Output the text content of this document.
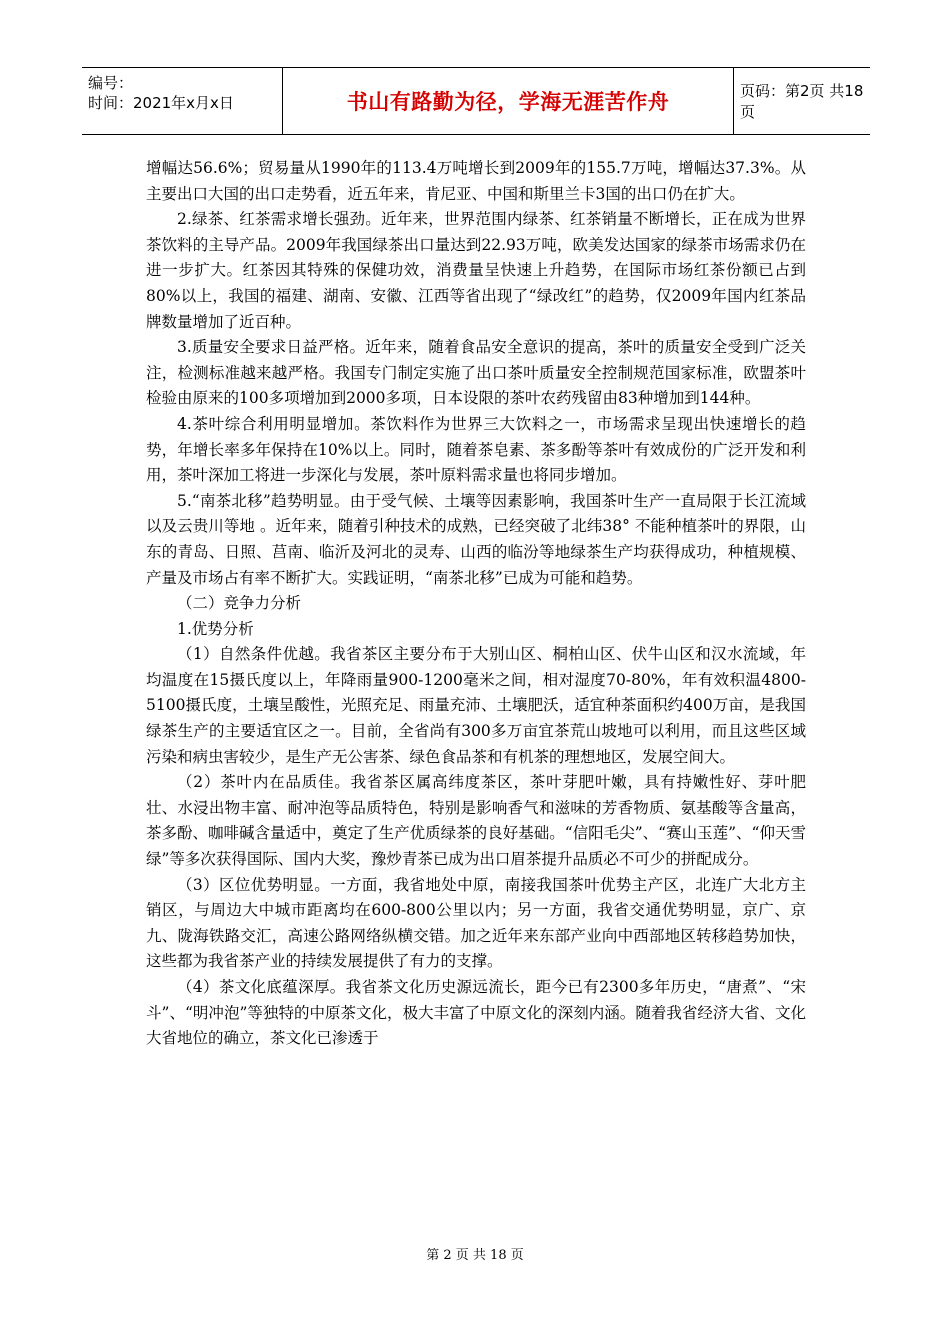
编号：
时间：2021年x月x日	书山有路勤为径，学海无涯苦作舟	页码：第2页 共18页

增幅达56.6%；贸易量从1990年的113.4万吨增长到2009年的155.7万吨，增幅达37.3%。从主要出口大国的出口走势看，近五年来，肯尼亚、中国和斯里兰卡3国的出口仍在扩大。

2.绿茶、红茶需求增长强劲。近年来，世界范围内绿茶、红茶销量不断增长，正在成为世界茶饮料的主导产品。2009年我国绿茶出口量达到22.93万吨，欧美发达国家的绿茶市场需求仍在进一步扩大。红茶因其特殊的保健功效，消费量呈快速上升趋势，在国际市场红茶份额已占到80%以上，我国的福建、湖南、安徽、江西等省出现了“绿改红”的趋势，仅2009年国内红茶品牌数量增加了近百种。

3.质量安全要求日益严格。近年来，随着食品安全意识的提高，茶叶的质量安全受到广泛关注，检测标准越来越严格。我国专门制定实施了出口茶叶质量安全控制规范国家标准，欧盟茶叶检验由原来的100多项增加到2000多项，日本设限的茶叶农药残留由83种增加到144种。

4.茶叶综合利用明显增加。茶饮料作为世界三大饮料之一，市场需求呈现出快速增长的趋势，年增长率多年保持在10%以上。同时，随着茶皂素、茶多酚等茶叶有效成份的广泛开发和利用，茶叶深加工将进一步深化与发展，茶叶原料需求量也将同步增加。

5.“南茶北移”趋势明显。由于受气候、土壤等因素影响，我国茶叶生产一直局限于长江流域以及云贵川等地 。近年来，随着引种技术的成熟，已经突破了北纬38° 不能种植茶叶的界限，山东的青岛、日照、莒南、临沂及河北的灵寿、山西的临汾等地绿茶生产均获得成功，种植规模、产量及市场占有率不断扩大。实践证明，“南茶北移”已成为可能和趋势。

（二）竞争力分析

1.优势分析

（1）自然条件优越。我省茶区主要分布于大别山区、桐柏山区、伏牛山区和汉水流域，年均温度在15摄氏度以上，年降雨量900-1200毫米之间，相对湿度70-80%，年有效积温4800-5100摄氏度，土壤呈酸性，光照充足、雨量充沛、土壤肥沃，适宜种茶面积约400万亩，是我国绿茶生产的主要适宜区之一。目前，全省尚有300多万亩宜茶荒山坡地可以利用，而且这些区域污染和病虫害较少，是生产无公害茶、绿色食品茶和有机茶的理想地区，发展空间大。

（2）茶叶内在品质佳。我省茶区属高纬度茶区，茶叶芽肥叶嫩，具有持嫩性好、芽叶肥壮、水浸出物丰富、耐冲泡等品质特色，特别是影响香气和滋味的芳香物质、氨基酸等含量高，茶多酚、咖啡碱含量适中，奠定了生产优质绿茶的良好基础。“信阳毛尖”、“赛山玉莲”、“仰天雪绿”等多次获得国际、国内大奖，豫炒青茶已成为出口眉茶提升品质必不可少的拼配成分。

（3）区位优势明显。一方面，我省地处中原，南接我国茶叶优势主产区，北连广大北方主销区，与周边大中城市距离均在600-800公里以内；另一方面，我省交通优势明显，京广、京九、陇海铁路交汇，高速公路网络纵横交错。加之近年来东部产业向中西部地区转移趋势加快，这些都为我省茶产业的持续发展提供了有力的支撑。

（4）茶文化底蕴深厚。我省茶文化历史源远流长，距今已有2300多年历史，“唐煮”、“宋斗”、“明冲泡”等独特的中原茶文化，极大丰富了中原文化的深刻内涵。随着我省经济大省、文化大省地位的确立，茶文化已渗透于

第 2 页 共 18 页
